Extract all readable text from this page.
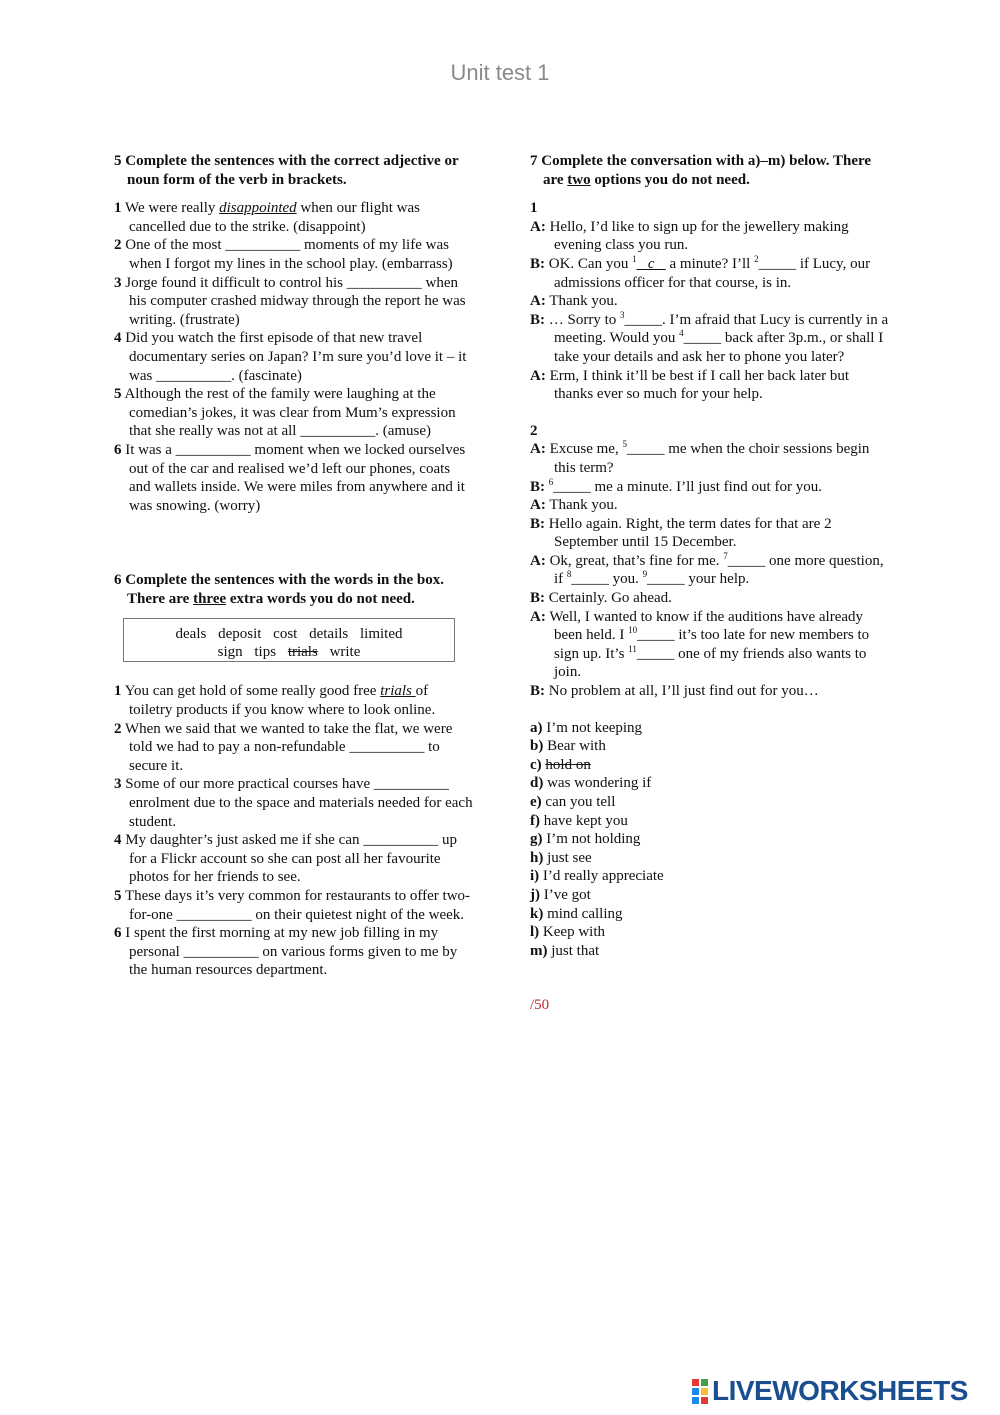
Unit test 1
5 Complete the sentences with the correct adjective or noun form of the verb in brackets.
1 We were really disappointed when our flight was cancelled due to the strike. (disappoint)
2 One of the most __________ moments of my life was when I forgot my lines in the school play. (embarrass)
3 Jorge found it difficult to control his __________ when his computer crashed midway through the report he was writing. (frustrate)
4 Did you watch the first episode of that new travel documentary series on Japan? I’m sure you’d love it – it was __________. (fascinate)
5 Although the rest of the family were laughing at the comedian’s jokes, it was clear from Mum’s expression that she really was not at all __________. (amuse)
6 It was a __________ moment when we locked ourselves out of the car and realised we’d left our phones, coats and wallets inside. We were miles from anywhere and it was snowing. (worry)
6 Complete the sentences with the words in the box. There are three extra words you do not need.
deals deposit cost details limited
sign tips trials write
1 You can get hold of some really good free trials of toiletry products if you know where to look online.
2 When we said that we wanted to take the flat, we were told we had to pay a non-refundable __________ to secure it.
3 Some of our more practical courses have __________ enrolment due to the space and materials needed for each student.
4 My daughter’s just asked me if she can __________ up for a Flickr account so she can post all her favourite photos for her friends to see.
5 These days it’s very common for restaurants to offer two-for-one __________ on their quietest night of the week.
6 I spent the first morning at my new job filling in my personal __________ on various forms given to me by the human resources department.
7 Complete the conversation with a)–m) below. There are two options you do not need.
1
A: Hello, I’d like to sign up for the jewellery making evening class you run.
B: OK. Can you $^1$ c    a minute? I’ll $^2$_____ if Lucy, our admissions officer for that course, is in.
A: Thank you.
B: … Sorry to $^3$_____. I’m afraid that Lucy is currently in a meeting. Would you $^4$_____ back after 3p.m., or shall I take your details and ask her to phone you later?
A: Erm, I think it’ll be best if I call her back later but thanks ever so much for your help.
2
A: Excuse me, $^5$_____ me when the choir sessions begin this term?
B: $^6$_____ me a minute. I’ll just find out for you.
A: Thank you.
B: Hello again. Right, the term dates for that are 2 September until 15 December.
A: Ok, great, that’s fine for me. $^7$_____ one more question, if $^8$_____ you. $^9$_____ your help.
B: Certainly. Go ahead.
A: Well, I wanted to know if the auditions have already been held. I $^{10}$_____ it’s too late for new members to sign up. It’s $^{11}$_____ one of my friends also wants to join.
B: No problem at all, I’ll just find out for you…
a) I’m not keeping
b) Bear with
c) hold on
d) was wondering if
e) can you tell
f) have kept you
g) I’m not holding
h) just see
i) I’d really appreciate
j) I’ve got
k) mind calling
l) Keep with
m) just that
/50
LIVEWORKSHEETS
